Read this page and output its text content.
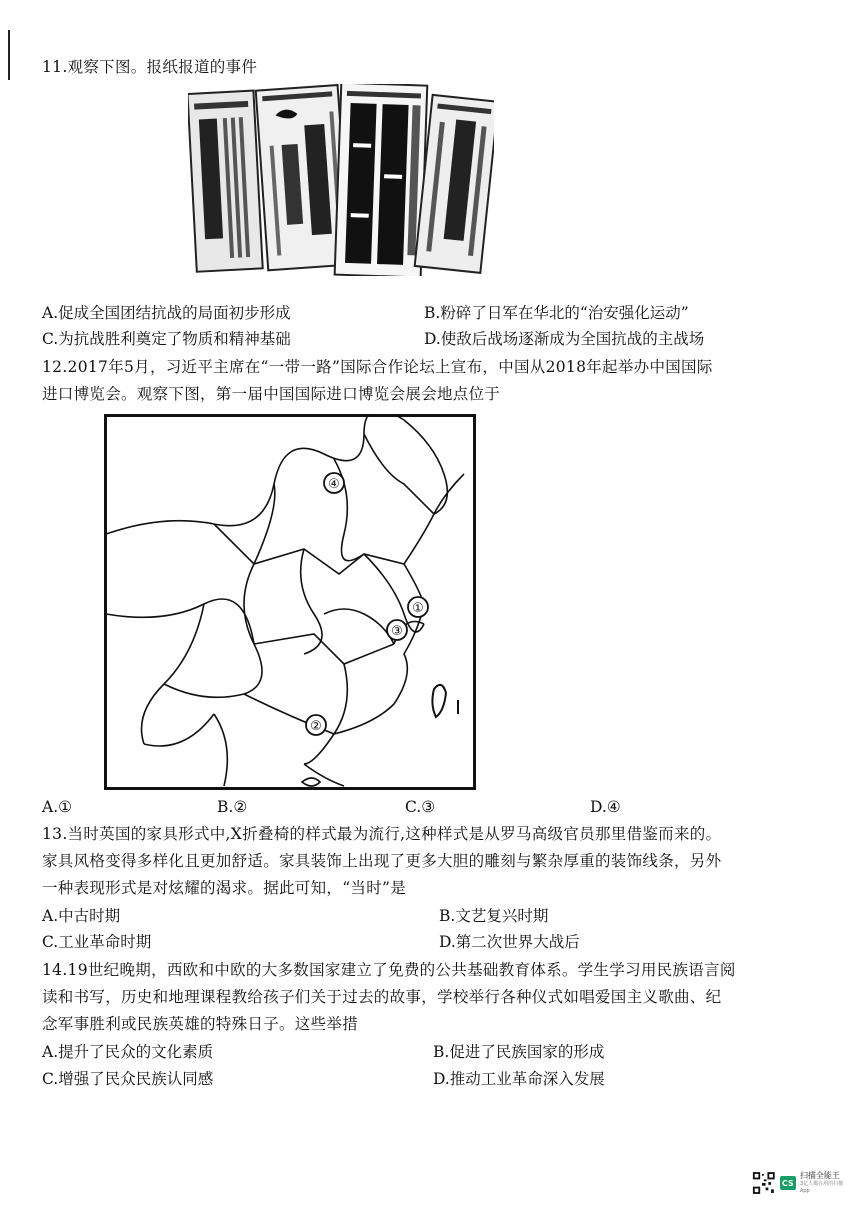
11.观察下图。报纸报道的事件
A.促成全国团结抗战的局面初步形成	B.粉碎了日军在华北的“治安强化运动”
C.为抗战胜利奠定了物质和精神基础	D.使敌后战场逐渐成为全国抗战的主战场
12.2017年5月，习近平主席在“一带一路”国际合作论坛上宣布，中国从2018年起举办中国国际
进口博览会。观察下图，第一届中国国际进口博览会展会地点位于
④
①
③
②
A.①	B.②	C.③	D.④
13.当时英国的家具形式中,X折叠椅的样式最为流行,这种样式是从罗马高级官员那里借鉴而来的。
家具风格变得多样化且更加舒适。家具装饰上出现了更多大胆的雕刻与繁杂厚重的装饰线条，另外
一种表现形式是对炫耀的渴求。据此可知，“当时”是
A.中古时期	B.文艺复兴时期
C.工业革命时期	D.第二次世界大战后
14.19世纪晚期，西欧和中欧的大多数国家建立了免费的公共基础教育体系。学生学习用民族语言阅
读和书写，历史和地理课程教给孩子们关于过去的故事，学校举行各种仪式如唱爱国主义歌曲、纪
念军事胜利或民族英雄的特殊日子。这些举措
A.提升了民众的文化素质	B.促进了民族国家的形成
C.增强了民众民族认同感	D.推动工业革命深入发展
CS
扫描全能王
3亿人都在用的扫描App
